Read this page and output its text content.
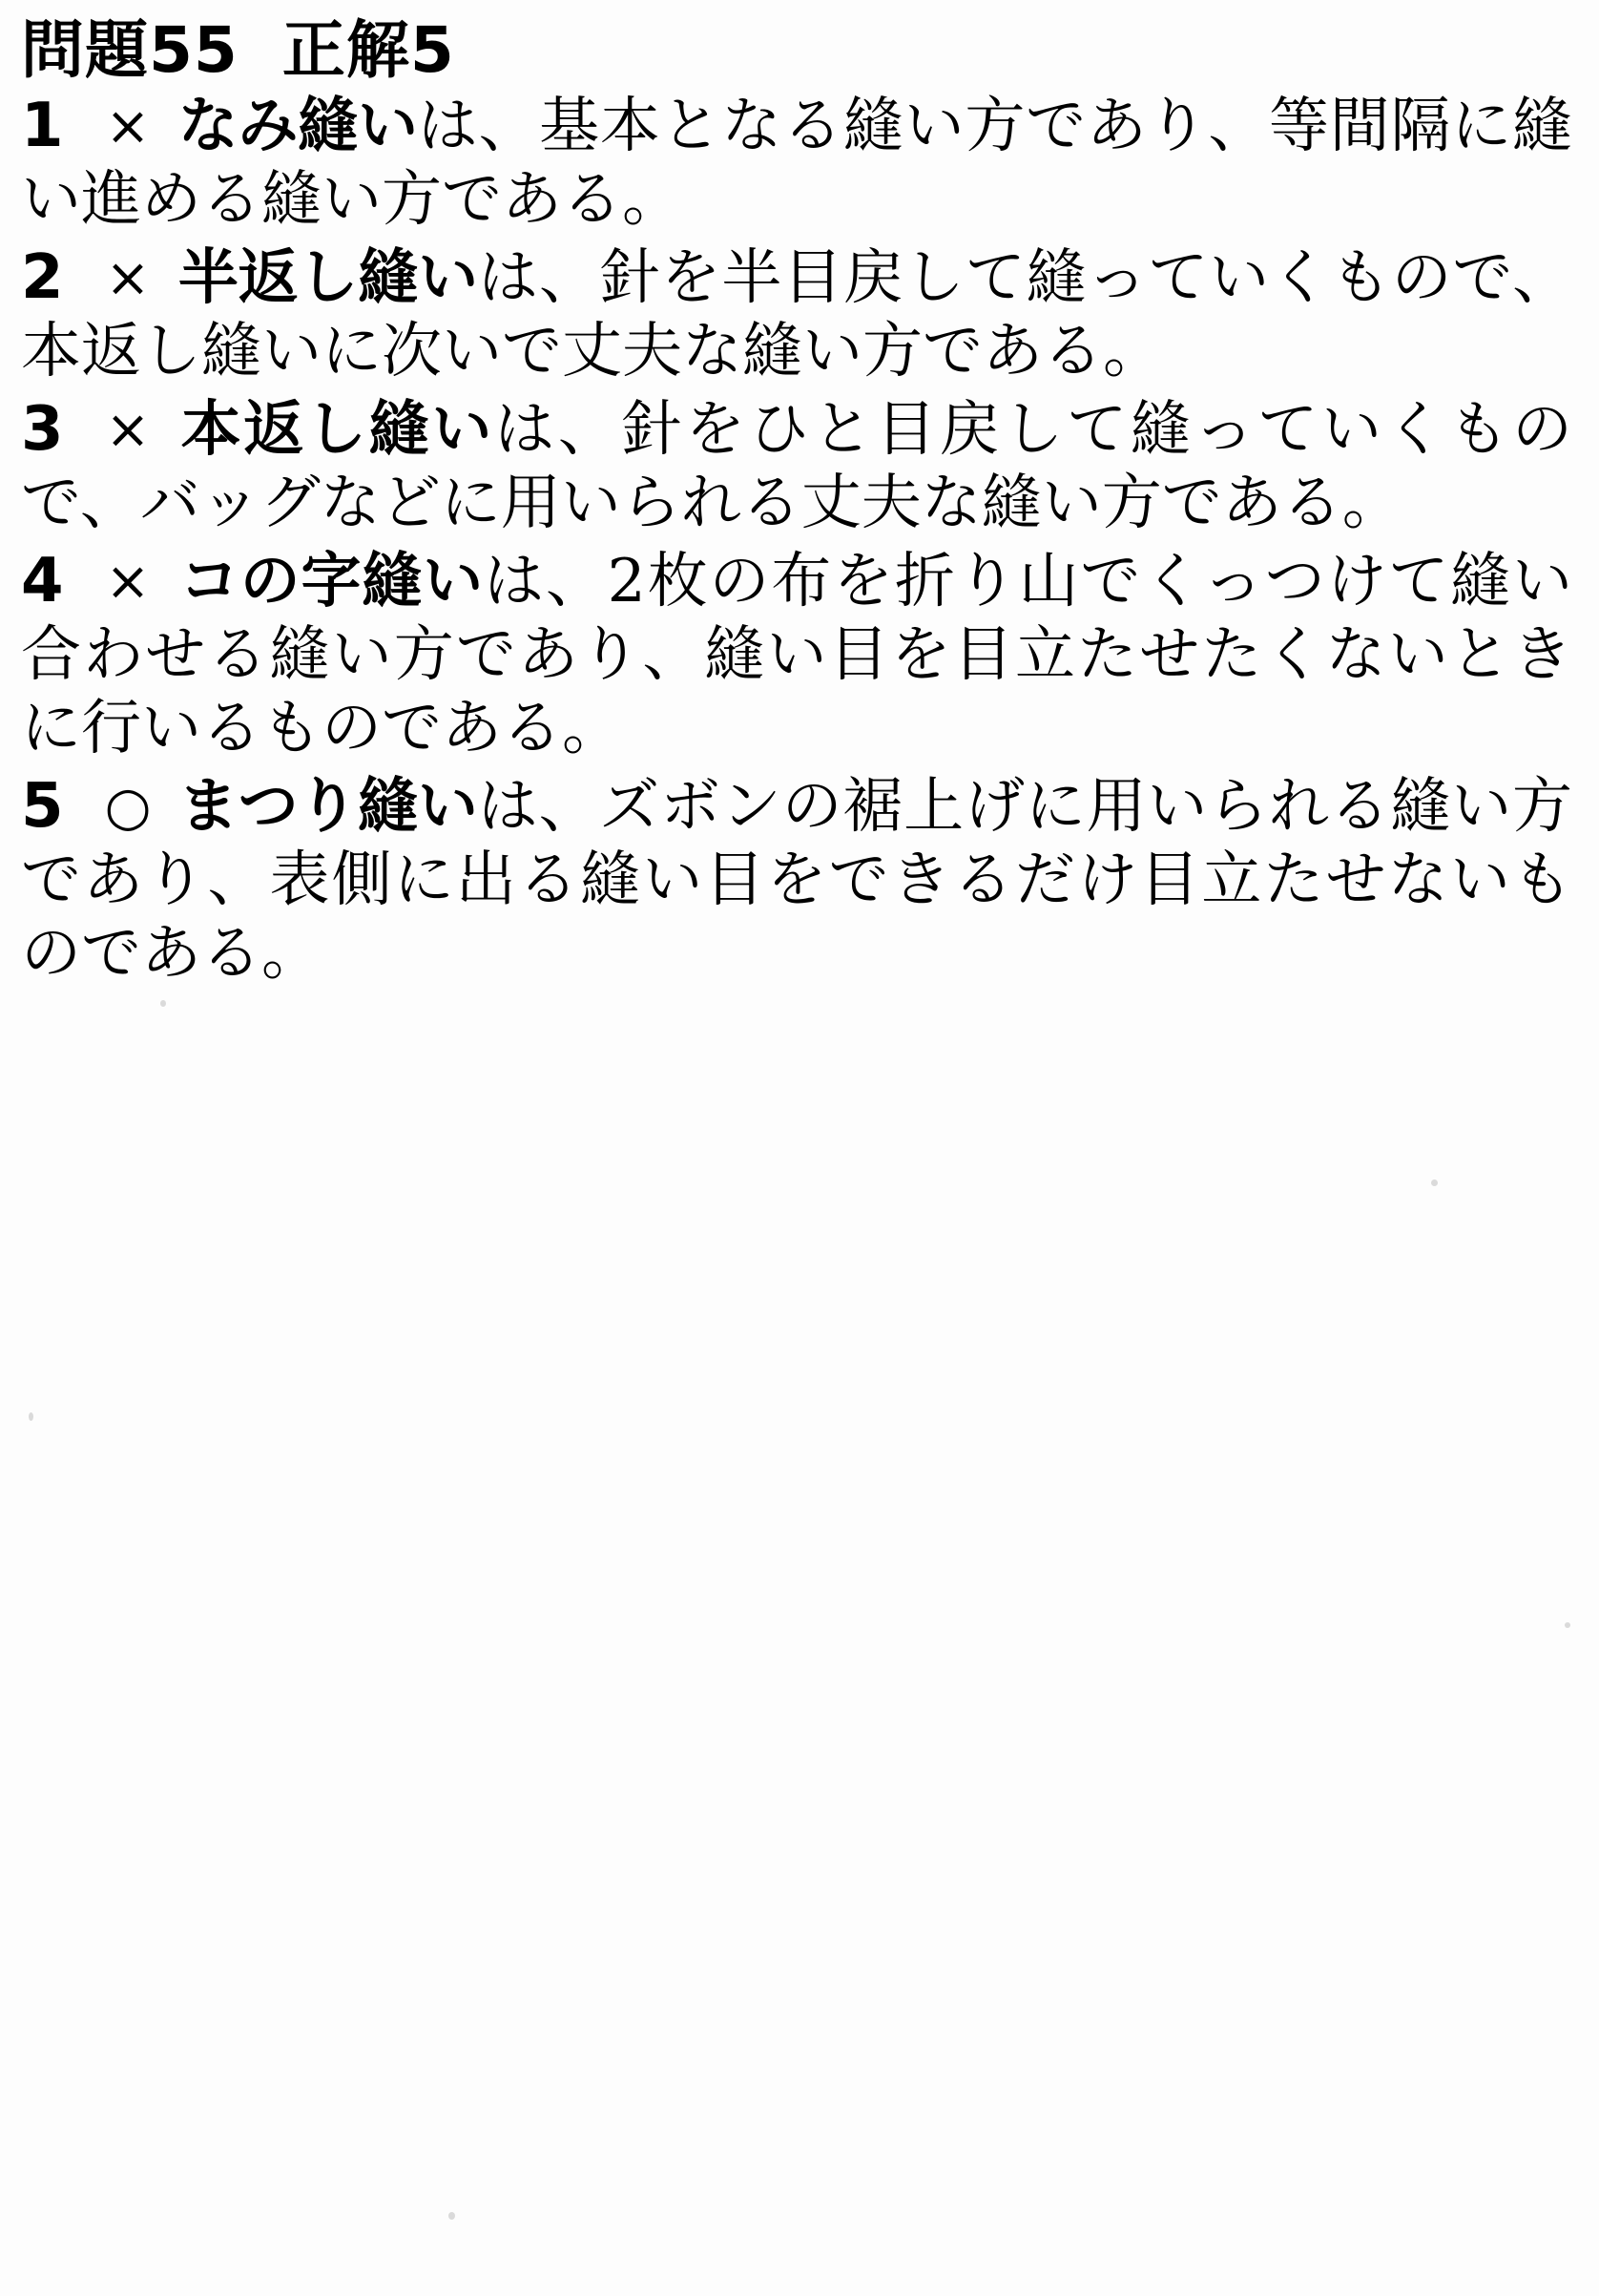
問題55 正解5
1 × なみ縫いは、基本となる縫い方であり、等間隔に縫い進める縫い方である。
2 × 半返し縫いは、針を半目戻して縫っていくもので、本返し縫いに次いで丈夫な縫い方である。
3 × 本返し縫いは、針をひと目戻して縫っていくもので、バッグなどに用いられる丈夫な縫い方である。
4 × コの字縫いは、2枚の布を折り山でくっつけて縫い合わせる縫い方であり、縫い目を目立たせたくないときに行いるものである。
5 ○ まつり縫いは、ズボンの裾上げに用いられる縫い方であり、表側に出る縫い目をできるだけ目立たせないものである。
